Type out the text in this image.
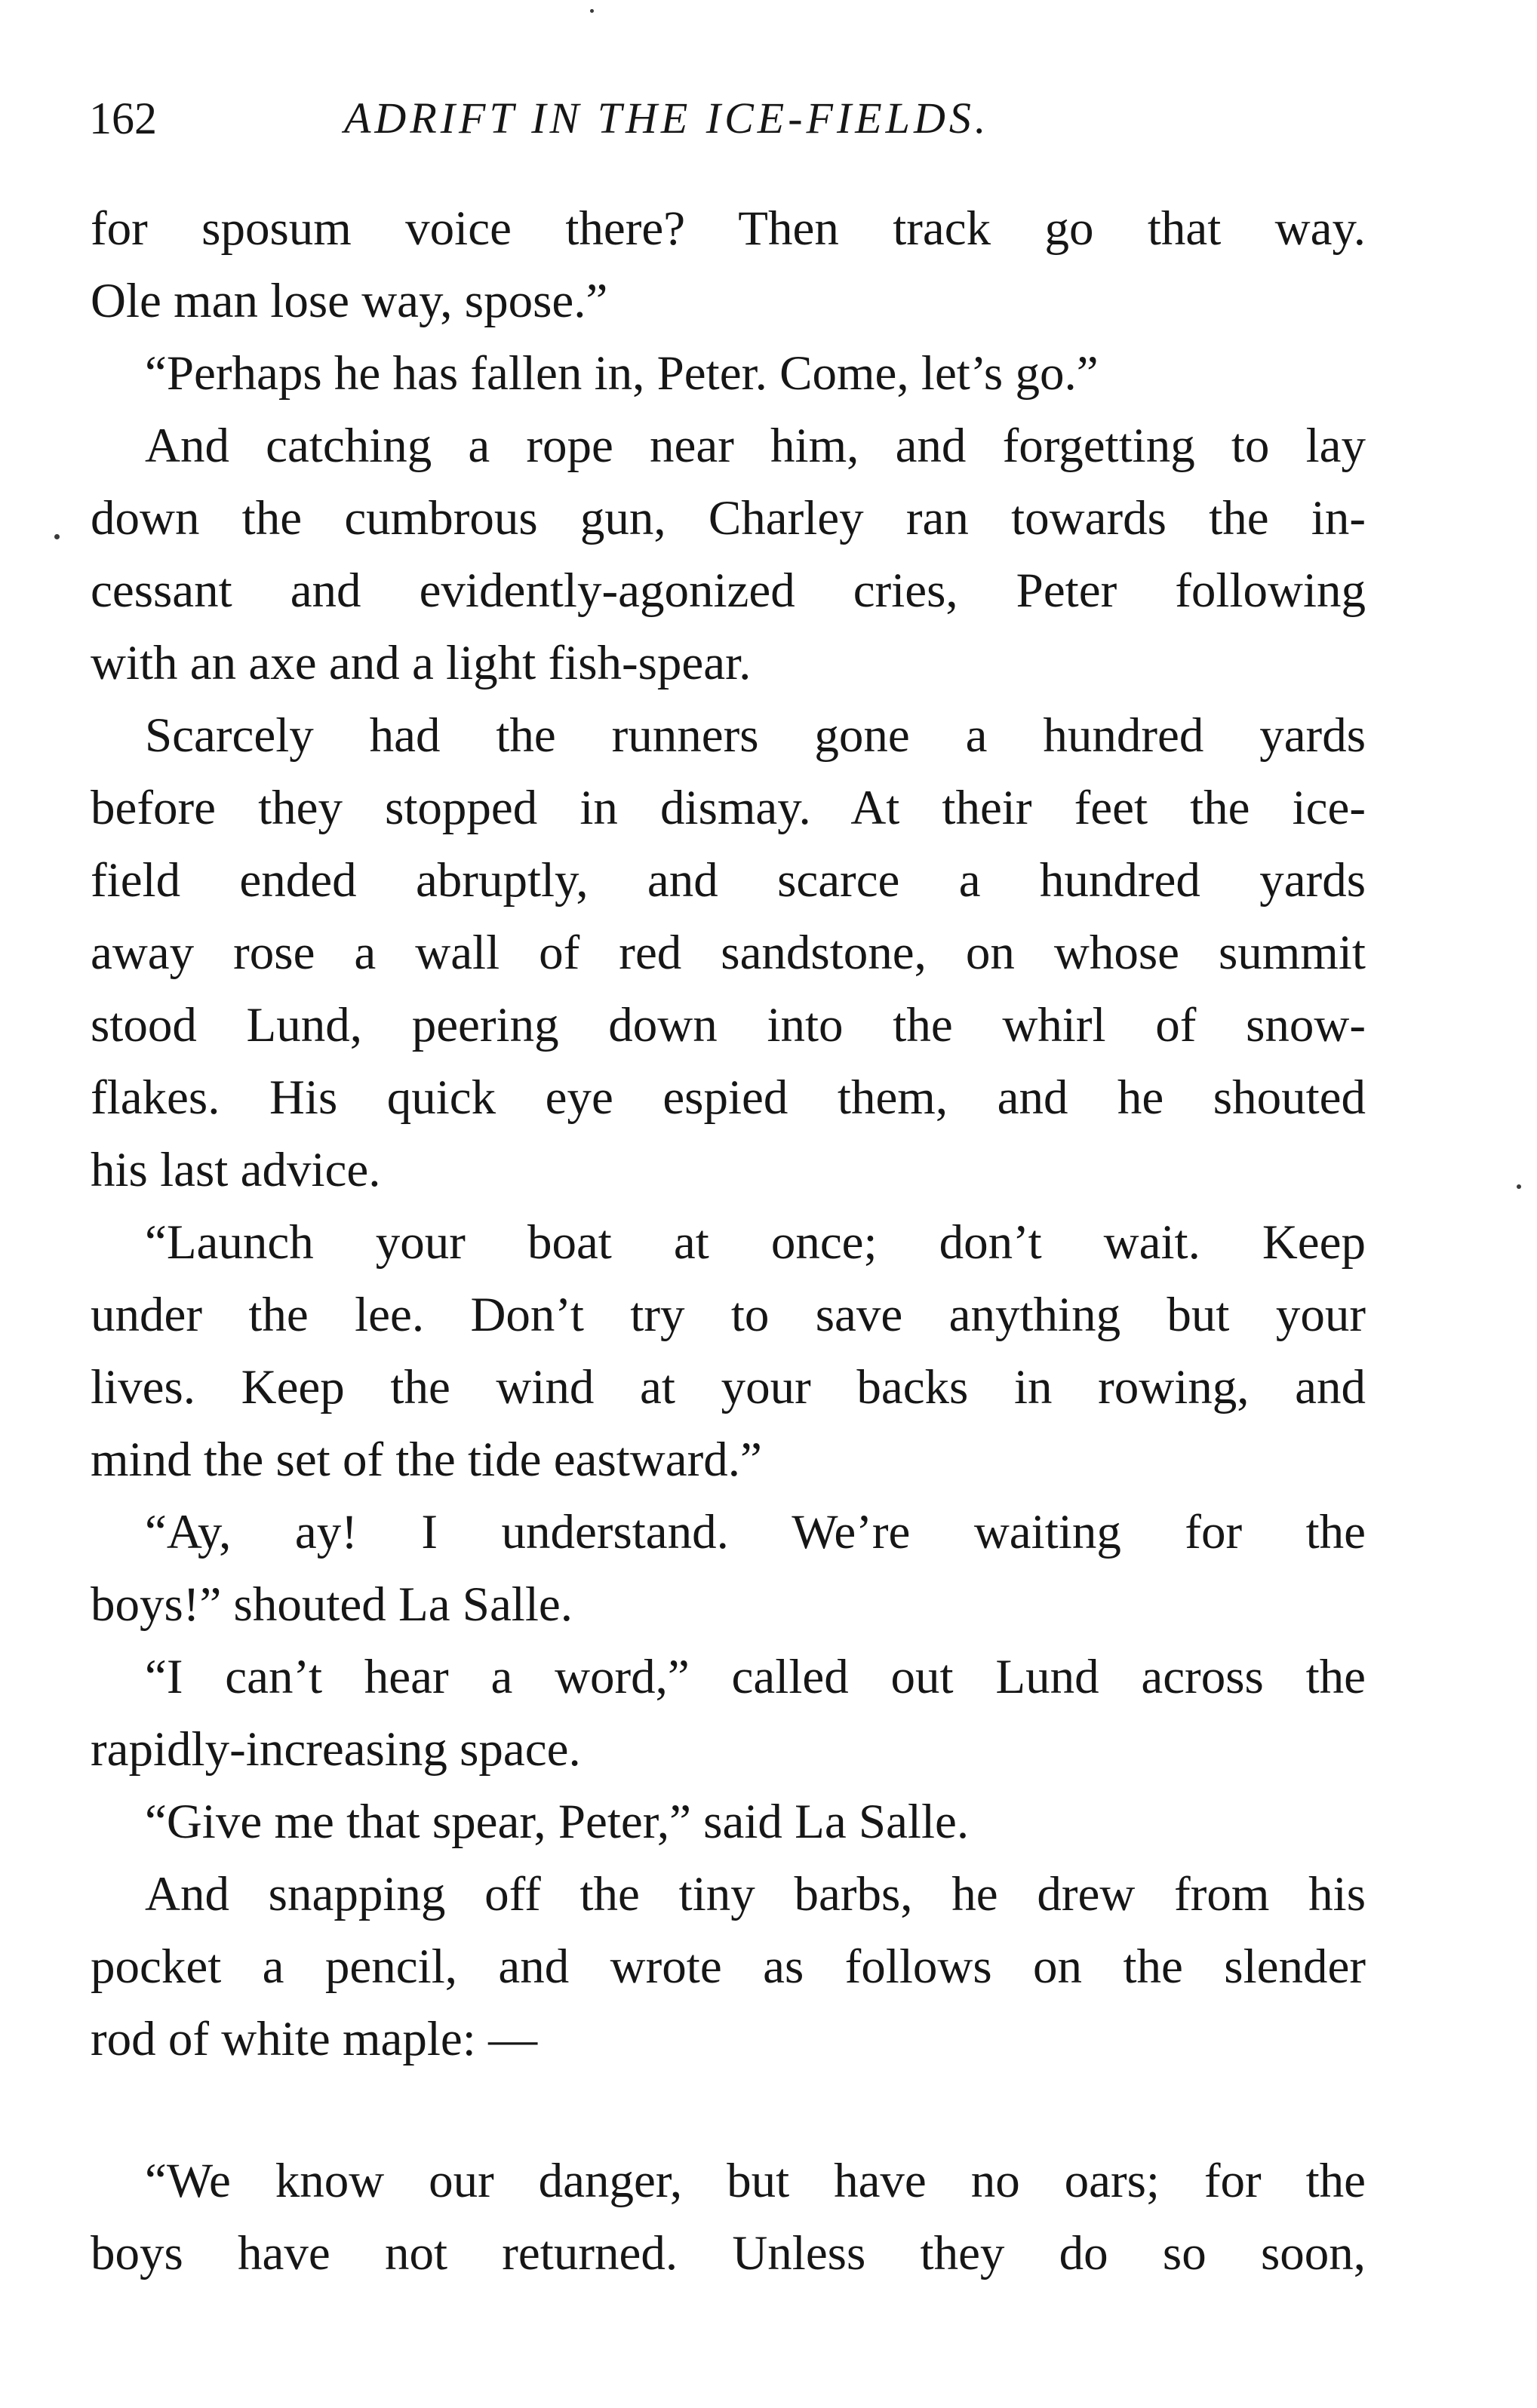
162	ADRIFT IN THE ICE-FIELDS.
for sposum voice there? Then track go that way.
Ole man lose way, spose.”
“Perhaps he has fallen in, Peter. Come, let’s go.”
And catching a rope near him, and forgetting to lay
down the cumbrous gun, Charley ran towards the in-
cessant and evidently-agonized cries, Peter following
with an axe and a light fish-spear.
Scarcely had the runners gone a hundred yards
before they stopped in dismay. At their feet the ice-
field ended abruptly, and scarce a hundred yards
away rose a wall of red sandstone, on whose summit
stood Lund, peering down into the whirl of snow-
flakes. His quick eye espied them, and he shouted
his last advice.
“Launch your boat at once; don’t wait. Keep
under the lee. Don’t try to save anything but your
lives. Keep the wind at your backs in rowing, and
mind the set of the tide eastward.”
“Ay, ay! I understand. We’re waiting for the
boys!” shouted La Salle.
“I can’t hear a word,” called out Lund across the
rapidly-increasing space.
“Give me that spear, Peter,” said La Salle.
And snapping off the tiny barbs, he drew from his
pocket a pencil, and wrote as follows on the slender
rod of white maple: —
“We know our danger, but have no oars; for the
boys have not returned. Unless they do so soon,
